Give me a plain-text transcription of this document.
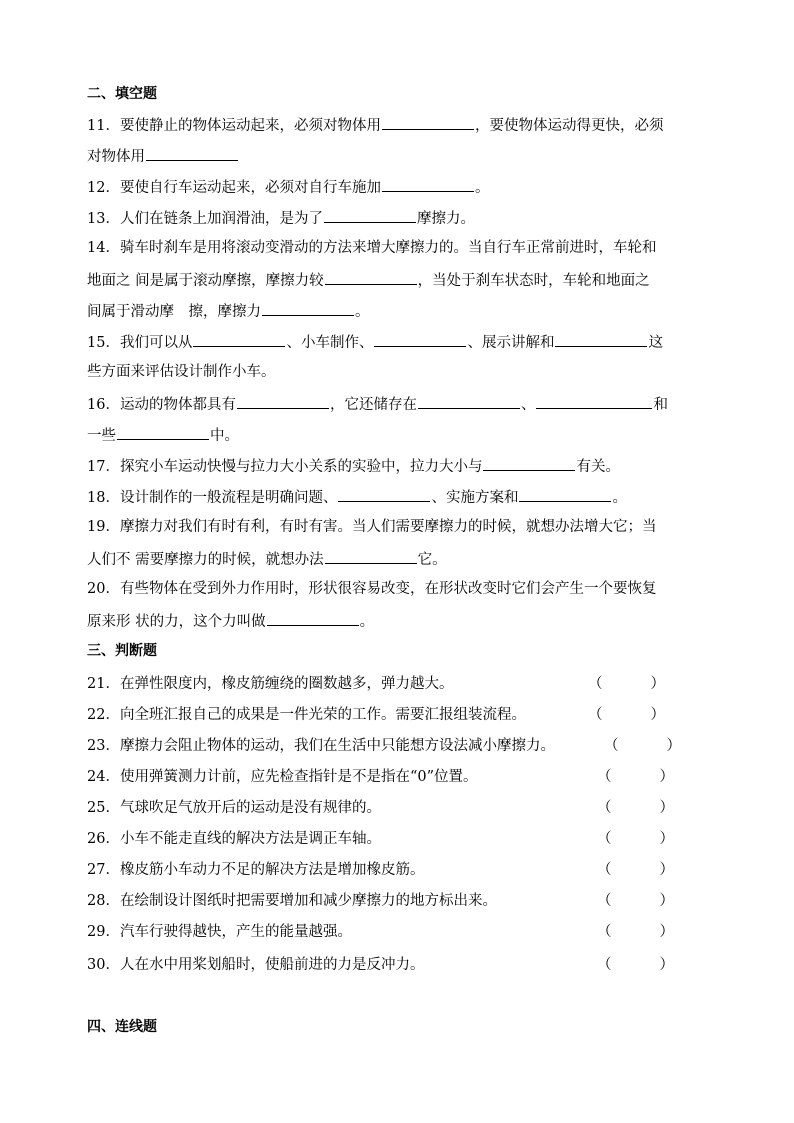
二、填空题
11．要使静止的物体运动起来，必须对物体用	，要使物体运动得更快，必须
对物体用
12．要使自行车运动起来，必须对自行车施加	。
13．人们在链条上加润滑油，是为了	摩擦力。
14．骑车时刹车是用将滚动变滑动的方法来增大摩擦力的。当自行车正常前进时，车轮和
地面之 间是属于滚动摩擦，摩擦力较	，当处于刹车状态时，车轮和地面之
间属于滑动摩　擦，摩擦力	。
15．我们可以从	、小车制作、	、展示讲解和	这
些方面来评估设计制作小车。
16．运动的物体都具有	，它还储存在	、	和
一些	中。
17．探究小车运动快慢与拉力大小关系的实验中，拉力大小与	有关。
18．设计制作的一般流程是明确问题、	、实施方案和	。
19．摩擦力对我们有时有利，有时有害。当人们需要摩擦力的时候，就想办法增大它；当
人们不 需要摩擦力的时候，就想办法	它。
20．有些物体在受到外力作用时，形状很容易改变，在形状改变时它们会产生一个要恢复
原来形 状的力，这个力叫做	。
三、判断题
21．在弹性限度内，橡皮筋缠绕的圈数越多，弹力越大。	（	）
22．向全班汇报自己的成果是一件光荣的工作。需要汇报组装流程。	（	）
23．摩擦力会阻止物体的运动，我们在生活中只能想方设法减小摩擦力。	（	）
24．使用弹簧测力计前，应先检查指针是不是指在“0”位置。	（	）
25．气球吹足气放开后的运动是没有规律的。	（	）
26．小车不能走直线的解决方法是调正车轴。	（	）
27．橡皮筋小车动力不足的解决方法是增加橡皮筋。	（	）
28．在绘制设计图纸时把需要增加和减少摩擦力的地方标出来。	（	）
29．汽车行驶得越快，产生的能量越强。	（	）
30．人在水中用桨划船时，使船前进的力是反冲力。	（	）
四、连线题
